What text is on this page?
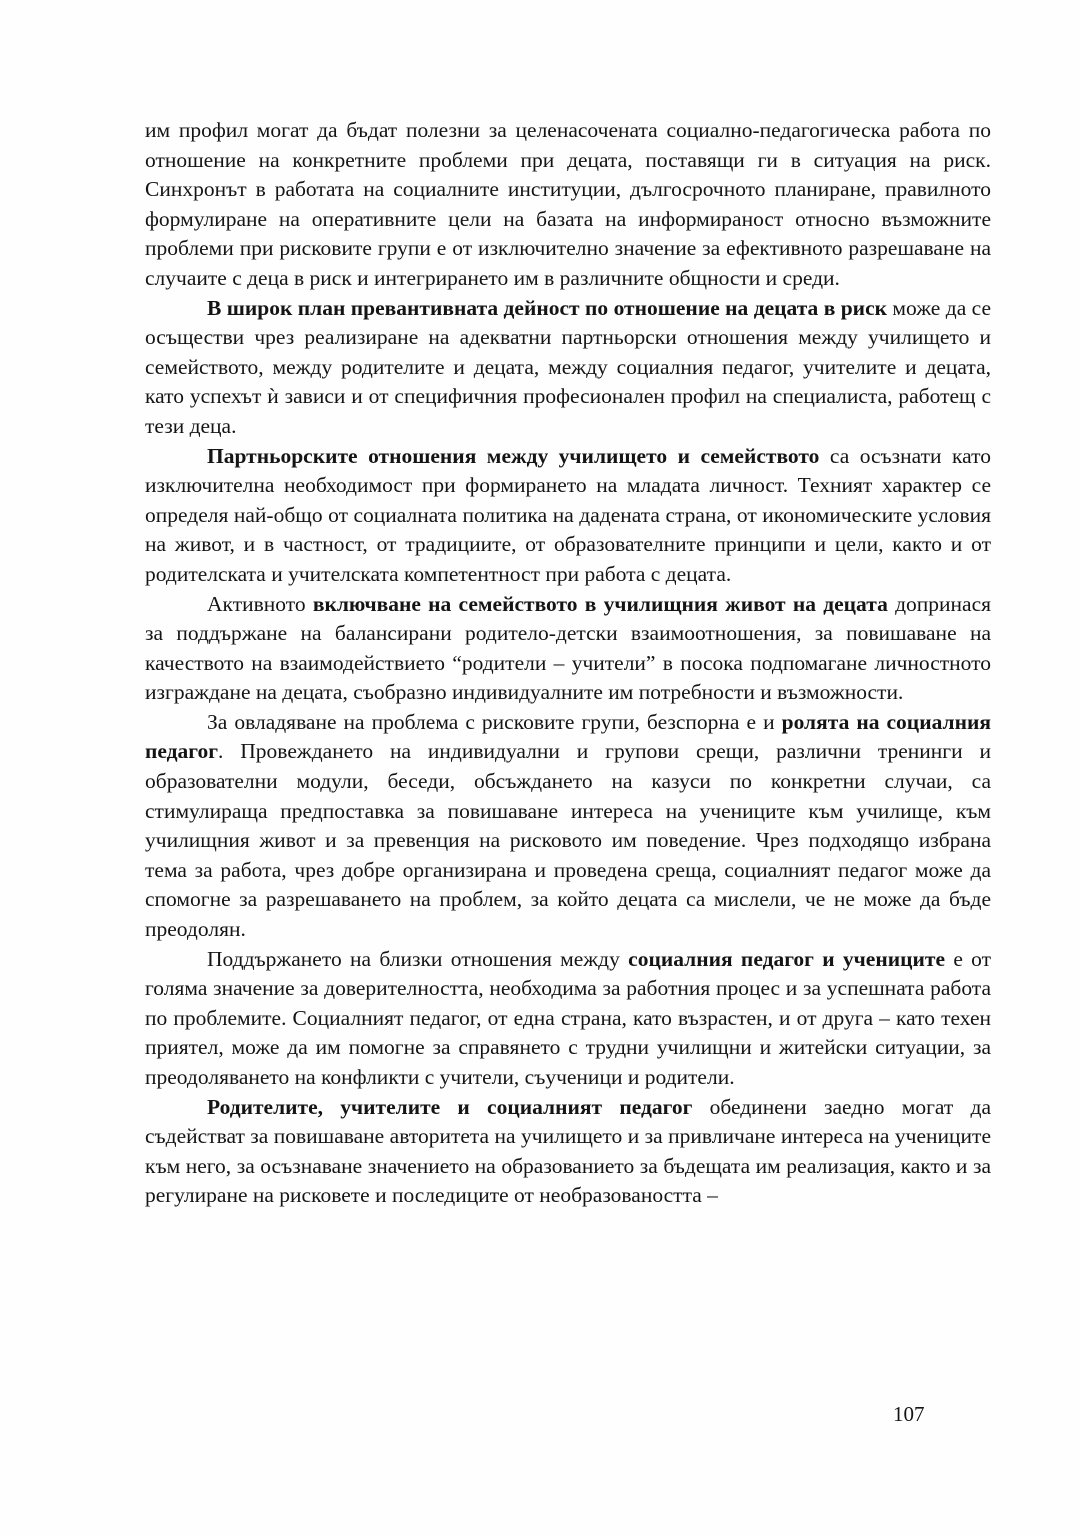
им профил могат да бъдат полезни за целенасочената социално-педагогическа работа по отношение на конкретните проблеми при децата, поставящи ги в ситуация на риск. Синхронът в работата на социалните институции, дългосрочното планиране, правилното формулиране на оперативните цели на базата на информираност относно възможните проблеми при рисковите групи е от изключително значение за ефективното разрешаване на случаите с деца в риск и интегрирането им в различните общности и среди.

В широк план превантивната дейност по отношение на децата в риск може да се осъществи чрез реализиране на адекватни партньорски отношения между училището и семейството, между родителите и децата, между социалния педагог, учителите и децата, като успехът ѝ зависи и от специфичния професионален профил на специалиста, работещ с тези деца.

Партньорските отношения между училището и семейството са осъзнати като изключителна необходимост при формирането на младата личност. Техният характер се определя най-общо от социалната политика на дадената страна, от икономическите условия на живот, и в частност, от традициите, от образователните принципи и цели, както и от родителската и учителската компетентност при работа с децата.

Активното включване на семейството в училищния живот на децата допринася за поддържане на балансирани родитело-детски взаимоотношения, за повишаване на качеството на взаимодействието “родители – учители” в посока подпомагане личностното изграждане на децата, съобразно индивидуалните им потребности и възможности.

За овладяване на проблема с рисковите групи, безспорна е и ролята на социалния педагог. Провеждането на индивидуални и групови срещи, различни тренинги и образователни модули, беседи, обсъждането на казуси по конкретни случаи, са стимулираща предпоставка за повишаване интереса на учениците към училище, към училищния живот и за превенция на рисковото им поведение. Чрез подходящо избрана тема за работа, чрез добре организирана и проведена среща, социалният педагог може да спомогне за разрешаването на проблем, за който децата са мислели, че не може да бъде преодолян.

Поддържането на близки отношения между социалния педагог и учениците е от голяма значение за доверителността, необходима за работния процес и за успешната работа по проблемите. Социалният педагог, от една страна, като възрастен, и от друга – като техен приятел, може да им помогне за справянето с трудни училищни и житейски ситуации, за преодоляването на конфликти с учители, съученици и родители.

Родителите, учителите и социалният педагог обединени заедно могат да съдействат за повишаване авторитета на училището и за привличане интереса на учениците към него, за осъзнаване значението на образованието за бъдещата им реализация, както и за регулиране на рисковете и последиците от необразоваността –

107
